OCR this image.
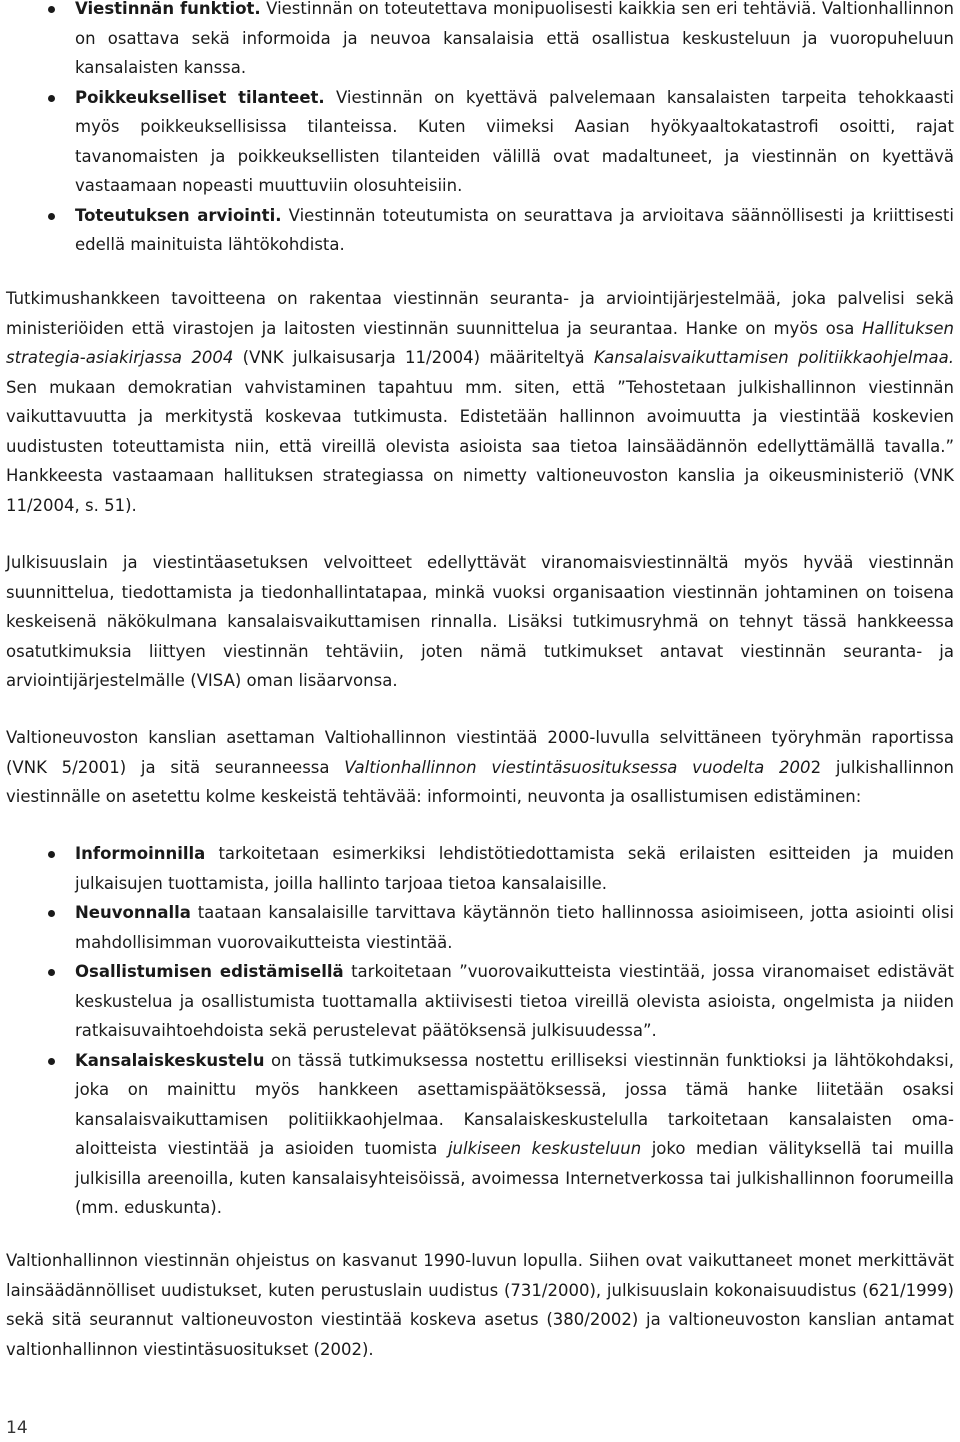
Viestinnän funktiot. Viestinnän on toteutettava monipuolisesti kaikkia sen eri tehtäviä. Valtionhallinnon on osattava sekä informoida ja neuvoa kansalaisia että osallistua keskusteluun ja vuoropuheluun kansalaisten kanssa.
Poikkeukselliset tilanteet. Viestinnän on kyettävä palvelemaan kansalaisten tarpeita tehokkaasti myös poikkeuksellisissa tilanteissa. Kuten viimeksi Aasian hyökyaaltokatastrofi osoitti, rajat tavanomaisten ja poikkeuksellisten tilanteiden välillä ovat madaltuneet, ja viestinnän on kyettävä vastaamaan nopeasti muuttuviin olosuhteisiin.
Toteutuksen arviointi. Viestinnän toteutumista on seurattava ja arvioitava säännöllisesti ja kriittisesti edellä mainituista lähtökohdista.

Tutkimushankkeen tavoitteena on rakentaa viestinnän seuranta- ja arviointijärjestelmää, joka palvelisi sekä ministeriöiden että virastojen ja laitosten viestinnän suunnittelua ja seurantaa. Hanke on myös osa Hallituksen strategia-asiakirjassa 2004 (VNK julkaisusarja 11/2004) määriteltyä Kansalaisvaikuttamisen politiikkaohjelmaa. Sen mukaan demokratian vahvistaminen tapahtuu mm. siten, että ”Tehostetaan julkishallinnon viestinnän vaikuttavuutta ja merkitystä koskevaa tutkimusta. Edistetään hallinnon avoimuutta ja viestintää koskevien uudistusten toteuttamista niin, että vireillä olevista asioista saa tietoa lainsäädännön edellyttämällä tavalla.” Hankkeesta vastaamaan hallituksen strategiassa on nimetty valtioneuvoston kanslia ja oikeusministeriö (VNK 11/2004, s. 51).

Julkisuuslain ja viestintäasetuksen velvoitteet edellyttävät viranomaisviestinnältä myös hyvää viestinnän suunnittelua, tiedottamista ja tiedonhallintatapaa, minkä vuoksi organisaation viestinnän johtaminen on toisena keskeisenä näkökulmana kansalaisvaikuttamisen rinnalla. Lisäksi tutkimusryhmä on tehnyt tässä hankkeessa osatutkimuksia liittyen viestinnän tehtäviin, joten nämä tutkimukset antavat viestinnän seuranta- ja arviointijärjestelmälle (VISA) oman lisäarvonsa.

Valtioneuvoston kanslian asettaman Valtiohallinnon viestintää 2000-luvulla selvittäneen työryhmän raportissa (VNK 5/2001) ja sitä seuranneessa Valtionhallinnon viestintäsuosituksessa vuodelta 2002 julkishallinnon viestinnälle on asetettu kolme keskeistä tehtävää: informointi, neuvonta ja osallistumisen edistäminen:

Informoinnilla tarkoitetaan esimerkiksi lehdistötiedottamista sekä erilaisten esitteiden ja muiden julkaisujen tuottamista, joilla hallinto tarjoaa tietoa kansalaisille.
Neuvonnalla taataan kansalaisille tarvittava käytännön tieto hallinnossa asioimiseen, jotta asiointi olisi mahdollisimman vuorovaikutteista viestintää.
Osallistumisen edistämisellä tarkoitetaan ”vuorovaikutteista viestintää, jossa viranomaiset edistävät keskustelua ja osallistumista tuottamalla aktiivisesti tietoa vireillä olevista asioista, ongelmista ja niiden ratkaisuvaihtoehdoista sekä perustelevat päätöksensä julkisuudessa”.
Kansalaiskeskustelu on tässä tutkimuksessa nostettu erilliseksi viestinnän funktioksi ja lähtökohdaksi, joka on mainittu myös hankkeen asettamispäätöksessä, jossa tämä hanke liitetään osaksi kansalaisvaikuttamisen politiikkaohjelmaa. Kansalaiskeskustelulla tarkoitetaan kansalaisten oma-aloitteista viestintää ja asioiden tuomista julkiseen keskusteluun joko median välityksellä tai muilla julkisilla areenoilla, kuten kansalaisyhteisöissä, avoimessa Internetverkossa tai julkishallinnon foorumeilla (mm. eduskunta).

Valtionhallinnon viestinnän ohjeistus on kasvanut 1990-luvun lopulla. Siihen ovat vaikuttaneet monet merkittävät lainsäädännölliset uudistukset, kuten perustuslain uudistus (731/2000), julkisuuslain kokonaisuudistus (621/1999) sekä sitä seurannut valtioneuvoston viestintää koskeva asetus (380/2002) ja valtioneuvoston kanslian antamat valtionhallinnon viestintäsuositukset (2002).

14
